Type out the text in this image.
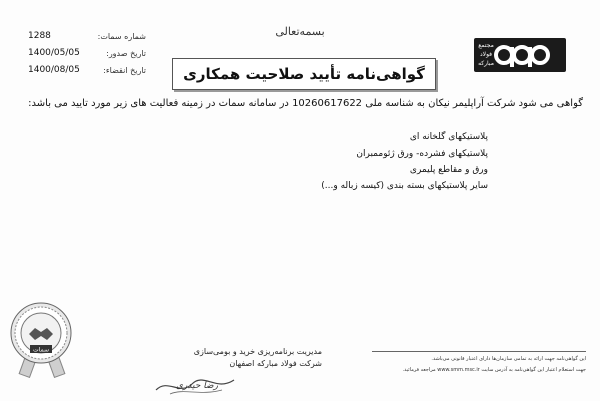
بسمه‌تعالی
شماره سمات:
1288
تاریخ صدور:
1400/05/05
تاریخ انقضاء:
1400/08/05	گواهی‌نامه تأیید صلاحیت همکاری
مجتمع
فولاد
مبارکه
گواهی می شود شرکت آراپلیمر نیکان به شناسه ملی 10260617622 در سامانه سمات در زمینه فعالیت های زیر مورد تایید می باشد:
پلاستیکهای گلخانه ای
پلاستیکهای فشرده- ورق ژئوممبران
ورق و مقاطع پلیمری
سایر پلاستیکهای بسته بندی (کیسه زباله و...)
سمات	مدیریت برنامه‌ریزی خرید و بومی‌سازی
شرکت فولاد مبارکه اصفهان
رضا حیدری
این گواهی‌نامه جهت ارائه به تمامی سازمان‌ها دارای اعتبار قانونی می‌باشد.
جهت استعلام اعتبار این گواهی‌نامه به آدرس سایت www.smm.msc.ir مراجعه فرمائید.
